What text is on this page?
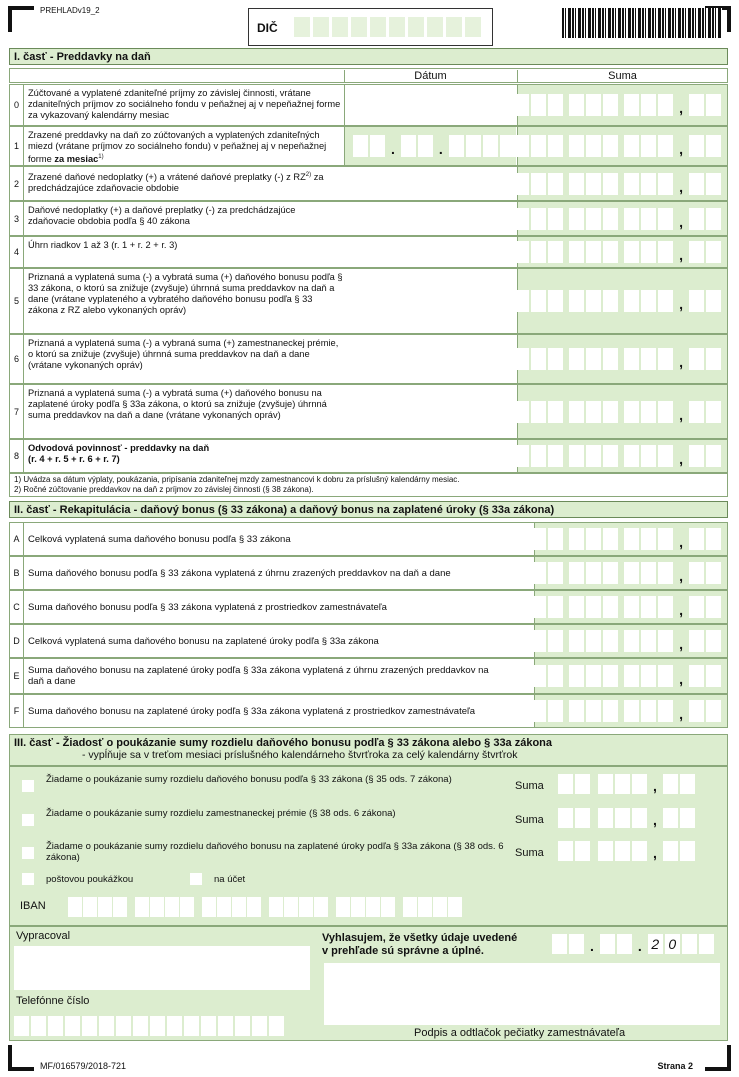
PREHLADv19_2
DIČ
I. časť - Preddavky na daň
Dátum	Suma
0
Zúčtované a vyplatené zdaniteľné príjmy zo závislej činnosti, vrátane zdaniteľných príjmov zo sociálneho fondu v peňažnej aj v nepeňažnej forme za vykazovaný kalendárny mesiac	,
1
Zrazené preddavky na daň zo zúčtovaných a vyplatených zdaniteľných miezd (vrátane príjmov zo sociálneho fondu) v peňažnej aj v nepeňažnej forme za mesiac$^{1)}$	.	.	,
2
Zrazené daňové nedoplatky (+) a vrátené daňové preplatky (-) z RZ$^{2)}$ za predchádzajúce zdaňovacie obdobie	,
3
Daňové nedoplatky (+) a daňové preplatky (-) za predchádzajúce zdaňovacie obdobia podľa § 40 zákona	,
4
Úhrn riadkov 1 až 3 (r. 1 + r. 2 + r. 3)
,
5
Priznaná a vyplatená suma (-) a vybratá suma (+) daňového bonusu podľa § 33 zákona, o ktorú sa znižuje (zvyšuje) úhrnná suma preddavkov na daň a dane (vrátane vyplateného a vybratého daňového bonusu podľa § 33 zákona z RZ alebo vykonaných opráv)	,
6
Priznaná a vyplatená suma (-) a vybraná suma (+) zamestnaneckej prémie, o ktorú sa znižuje (zvyšuje) úhrnná suma preddavkov na daň a dane (vrátane vykonaných opráv)	,
7
Priznaná a vyplatená suma (-) a vybratá suma (+) daňového bonusu na zaplatené úroky podľa § 33a zákona, o ktorú sa znižuje (zvyšuje) úhrnná suma preddavkov na daň a dane (vrátane vykonaných opráv)	,
8
Odvodová povinnosť - preddavky na daň
(r. 4 + r. 5 + r. 6 + r. 7)	,
1) Uvádza sa dátum výplaty, poukázania, pripísania zdaniteľnej mzdy zamestnancovi k dobru za príslušný kalendárny mesiac.
2) Ročné zúčtovanie preddavkov na daň z príjmov zo závislej činnosti (§ 38 zákona).
II. časť - Rekapitulácia - daňový bonus (§ 33 zákona) a daňový bonus na zaplatené úroky (§ 33a zákona)
A Celková vyplatená suma daňového bonusu podľa § 33 zákona	,
B Suma daňového bonusu podľa § 33 zákona vyplatená z úhrnu zrazených preddavkov na daň a dane	,
C Suma daňového bonusu podľa § 33 zákona vyplatená z prostriedkov zamestnávateľa	,
D Celková vyplatená suma daňového bonusu na zaplatené úroky podľa § 33a zákona	,
E Suma daňového bonusu na zaplatené úroky podľa § 33a zákona vyplatená z úhrnu zrazených preddavkov na daň a dane	,
F Suma daňového bonusu na zaplatené úroky podľa § 33a zákona vyplatená z prostriedkov zamestnávateľa	,
III. časť - Žiadosť o poukázanie sumy rozdielu daňového bonusu podľa § 33 zákona alebo § 33a zákona
- vypĺňuje sa v treťom mesiaci príslušného kalendárneho štvrťroka za celý kalendárny štvrťrok
Žiadame o poukázanie sumy rozdielu daňového bonusu podľa § 33 zákona (§ 35 ods. 7 zákona)
Suma	,
Žiadame o poukázanie sumy rozdielu zamestnaneckej prémie (§ 38 ods. 6 zákona)
Suma	,
Žiadame o poukázanie sumy rozdielu daňového bonusu na zaplatené úroky podľa § 33a zákona (§ 38 ods. 6 zákona)	Suma	,
poštovou poukážkou	na účet
IBAN
Vypracoval
Telefónne číslo
Vyhlasujem, že všetky údaje uvedené
v prehľade sú správne a úplné.	.	. 2 0
Podpis a odtlačok pečiatky zamestnávateľa
MF/016579/2018-721	Strana 2
